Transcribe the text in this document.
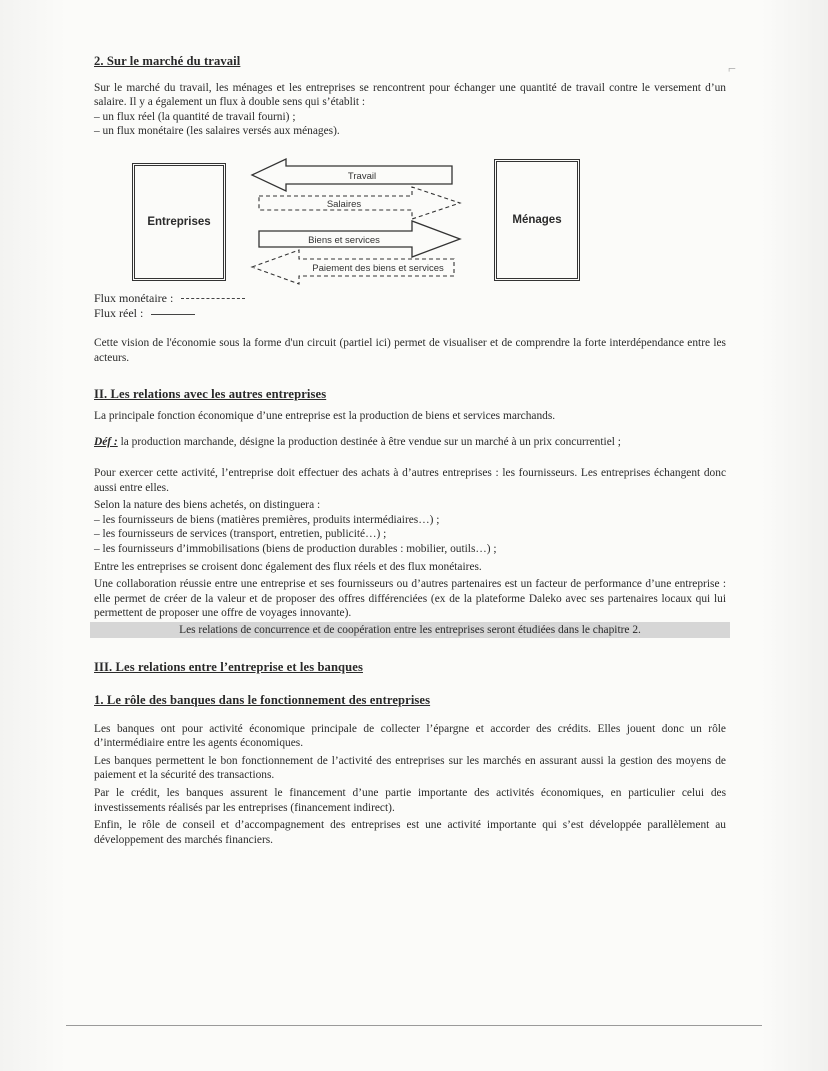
⌐
2. Sur le marché du travail

Sur le marché du travail, les ménages et les entreprises se rencontrent pour échanger une quantité de travail contre le versement d’un salaire. Il y a également un flux à double sens qui s’établit :

– un flux réel (la quantité de travail fourni) ;

– un flux monétaire (les salaires versés aux ménages).

Entreprises	Ménages
Travail
Salaires
Biens et services
Paiement des biens et services
Flux monétaire :
Flux réel :

Cette vision de l'économie sous la forme d'un circuit (partiel ici) permet de visualiser et de comprendre la forte interdépendance entre les acteurs.

II. Les relations avec les autres entreprises

La principale fonction économique d’une entreprise est la production de biens et services marchands.

Déf : la production marchande, désigne la production destinée à être vendue sur un marché à un prix concurrentiel ;

Pour exercer cette activité, l’entreprise doit effectuer des achats à d’autres entreprises : les fournisseurs. Les entreprises échangent donc aussi entre elles.

Selon la nature des biens achetés, on distinguera :

– les fournisseurs de biens (matières premières, produits intermédiaires…) ;

– les fournisseurs de services (transport, entretien, publicité…) ;

– les fournisseurs d’immobilisations (biens de production durables : mobilier, outils…) ;

Entre les entreprises se croisent donc également des flux réels et des flux monétaires.

Une collaboration réussie entre une entreprise et ses fournisseurs ou d’autres partenaires est un facteur de performance d’une entreprise : elle permet de créer de la valeur et de proposer des offres différenciées (ex de la plateforme Daleko avec ses partenaires locaux qui lui permettent de proposer une offre de voyages innovante).

Les relations de concurrence et de coopération entre les entreprises seront étudiées dans le chapitre 2.
III. Les relations entre l’entreprise et les banques
1. Le rôle des banques dans le fonctionnement des entreprises

Les banques ont pour activité économique principale de collecter l’épargne et accorder des crédits. Elles jouent donc un rôle d’intermédiaire entre les agents économiques.

Les banques permettent le bon fonctionnement de l’activité des entreprises sur les marchés en assurant aussi la gestion des moyens de paiement et la sécurité des transactions.

Par le crédit, les banques assurent le financement d’une partie importante des activités économiques, en particulier celui des investissements réalisés par les entreprises (financement indirect).

Enfin, le rôle de conseil et d’accompagnement des entreprises est une activité importante qui s’est développée parallèlement au développement des marchés financiers.
